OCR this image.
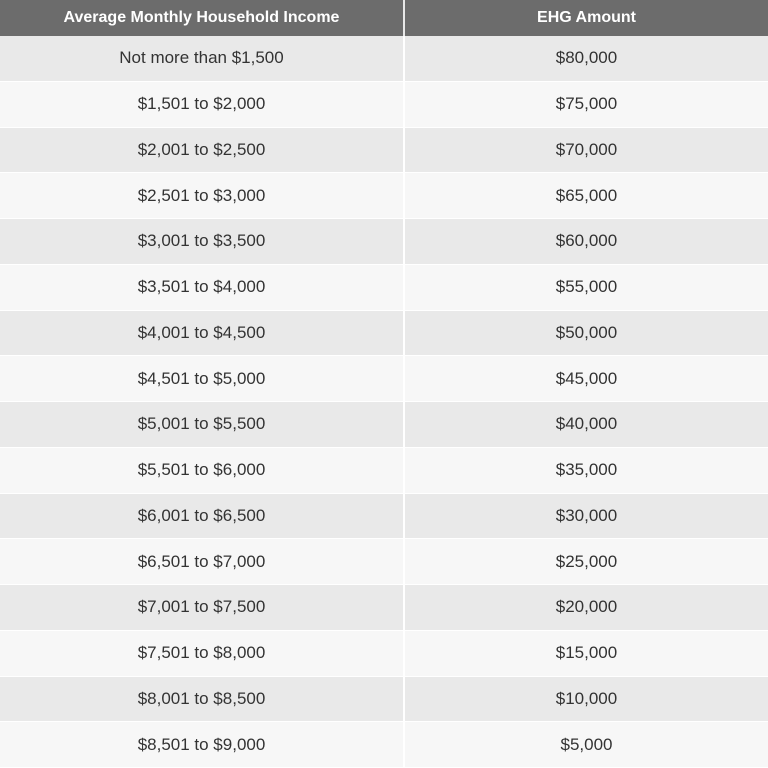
Average Monthly Household Income	EHG Amount
Not more than $1,500	$80,000
$1,501 to $2,000	$75,000
$2,001 to $2,500	$70,000
$2,501 to $3,000	$65,000
$3,001 to $3,500	$60,000
$3,501 to $4,000	$55,000
$4,001 to $4,500	$50,000
$4,501 to $5,000	$45,000
$5,001 to $5,500	$40,000
$5,501 to $6,000	$35,000
$6,001 to $6,500	$30,000
$6,501 to $7,000	$25,000
$7,001 to $7,500	$20,000
$7,501 to $8,000	$15,000
$8,001 to $8,500	$10,000
$8,501 to $9,000	$5,000
